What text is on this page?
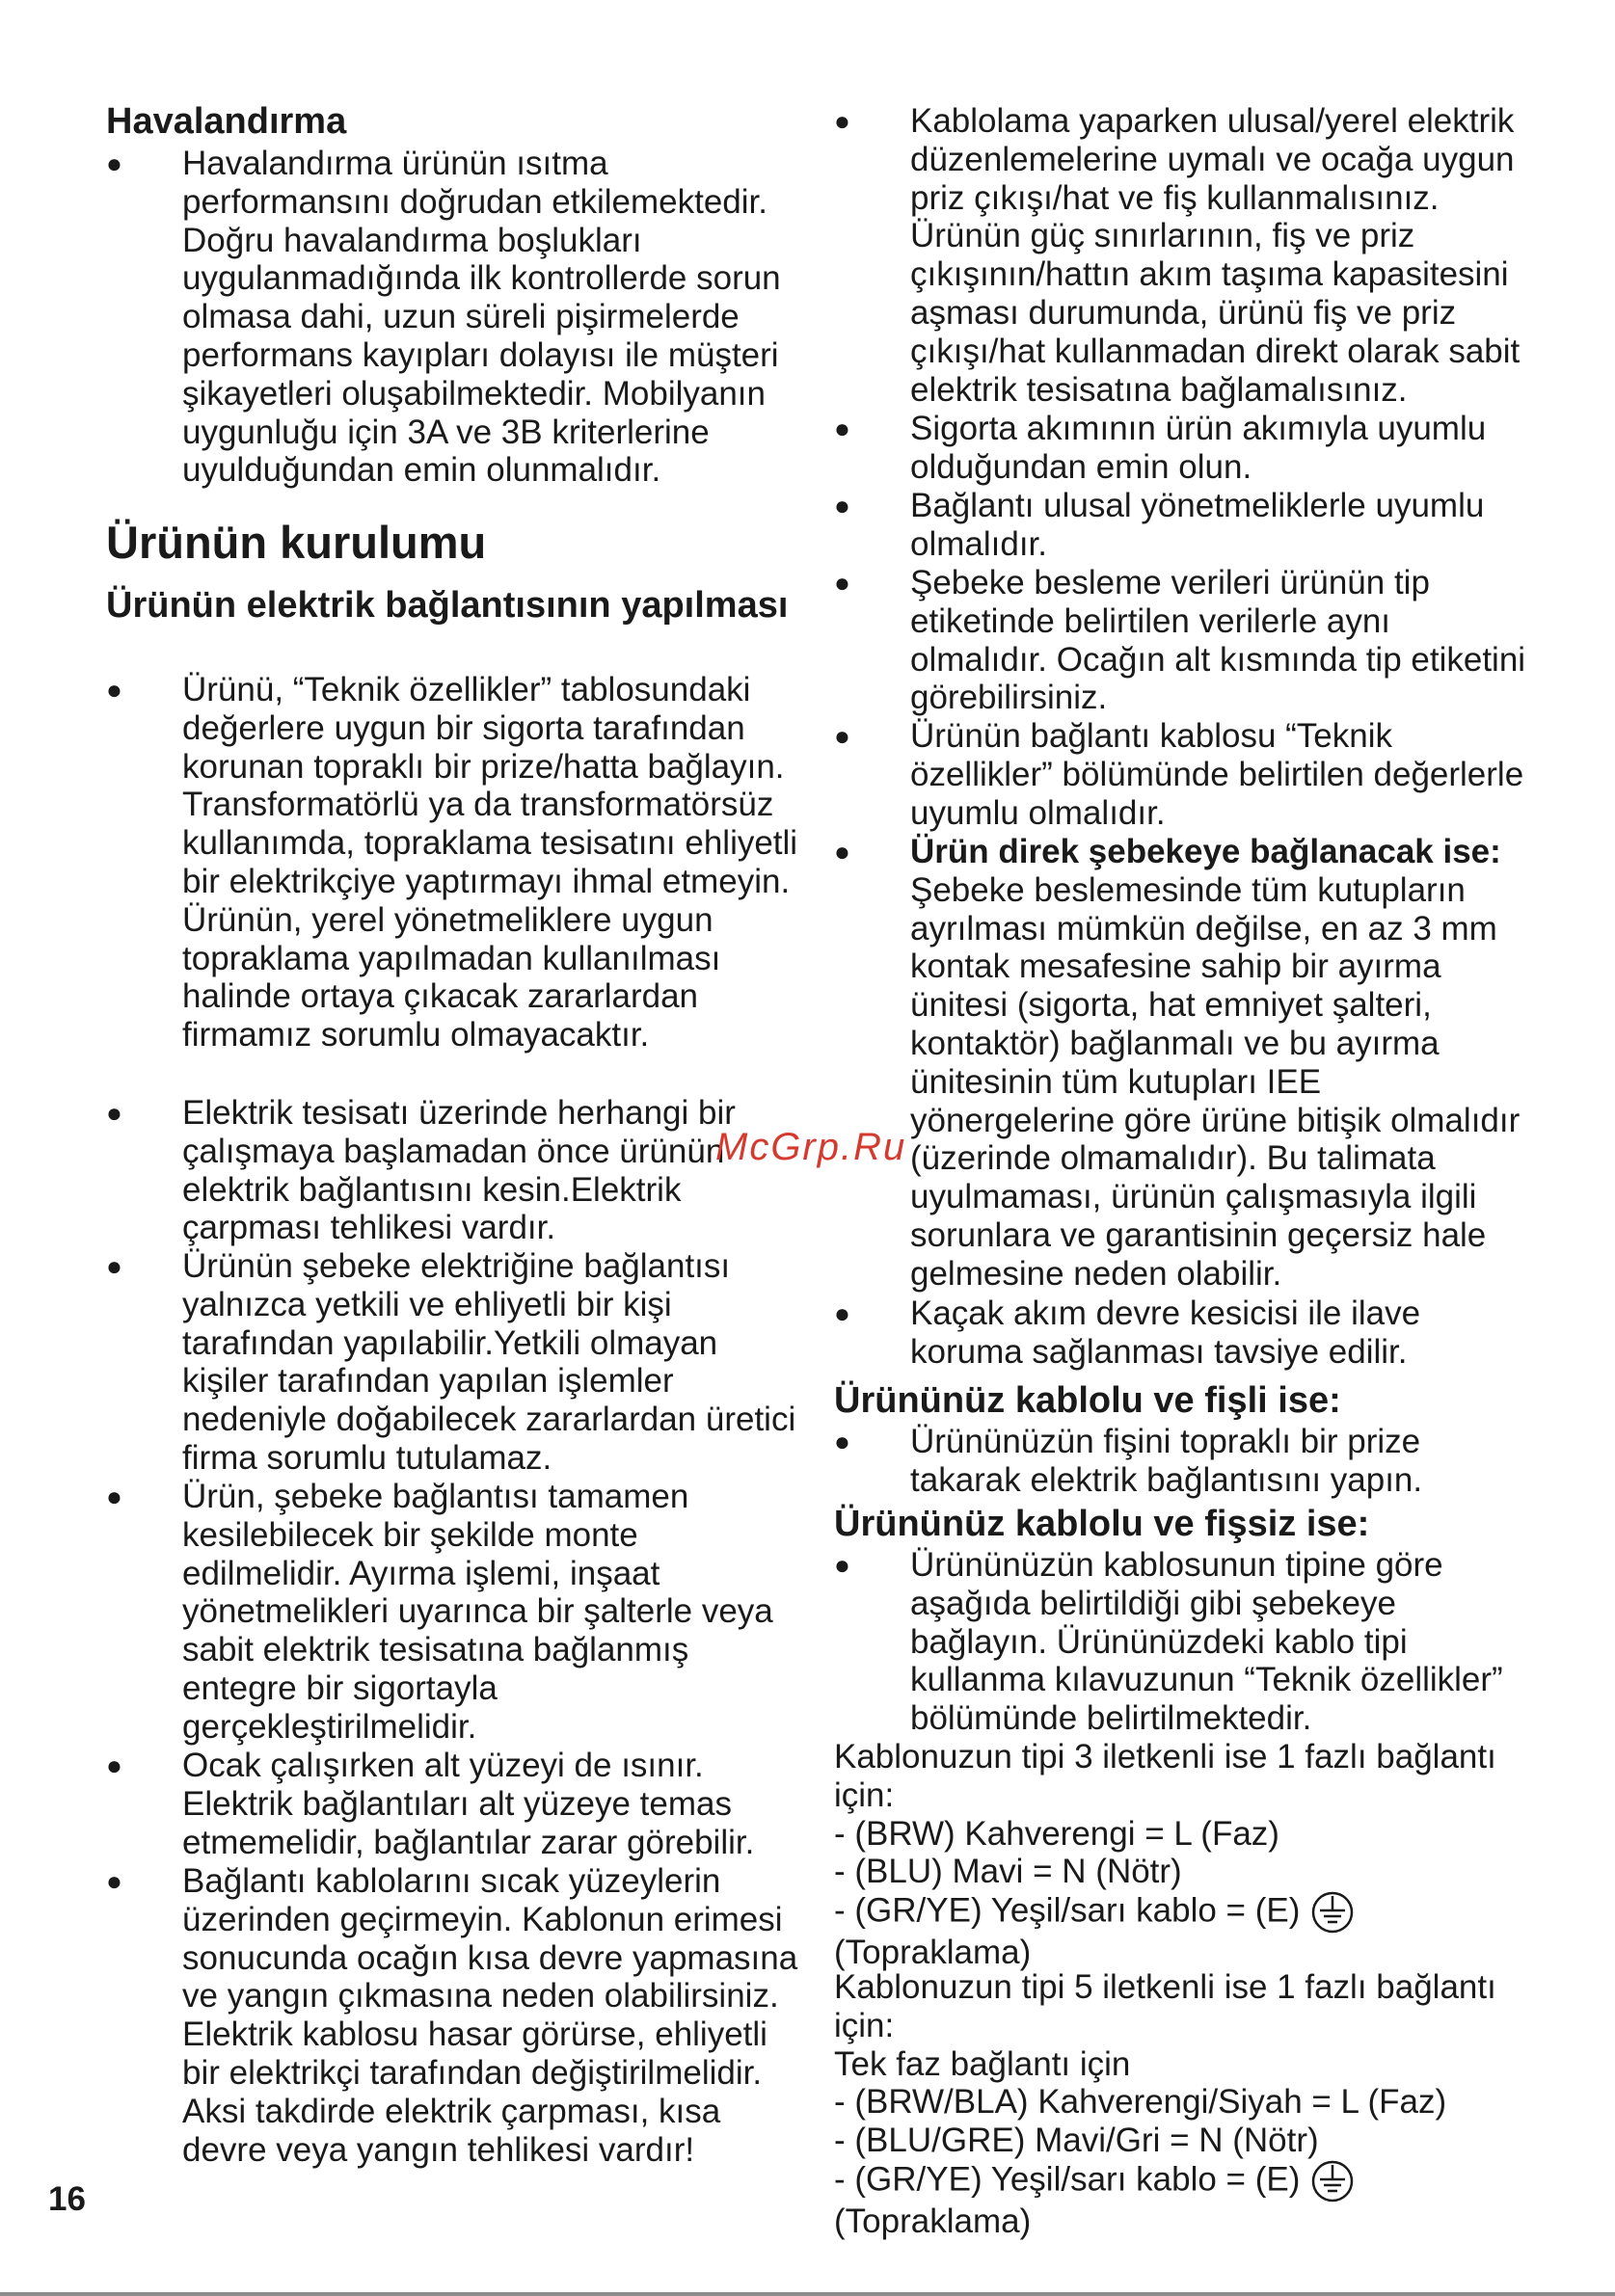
Havalandırma
●	Havalandırma ürünün ısıtma performansını doğrudan etkilemektedir. Doğru havalandırma boşlukları uygulanmadığında ilk kontrollerde sorun olmasa dahi, uzun süreli pişirmelerde performans kayıpları dolayısı ile müşteri şikayetleri oluşabilmektedir. Mobilyanın uygunluğu için 3A ve 3B kriterlerine uyulduğundan emin olunmalıdır.
Ürünün kurulumu
Ürünün elektrik bağlantısının yapılması
●	Ürünü, “Teknik özellikler” tablosundaki değerlere uygun bir sigorta tarafından korunan topraklı bir prize/hatta bağlayın. Transformatörlü ya da transformatörsüz kullanımda, topraklama tesisatını ehliyetli bir elektrikçiye yaptırmayı ihmal etmeyin. Ürünün, yerel yönetmeliklere uygun topraklama yapılmadan kullanılması halinde ortaya çıkacak zararlardan firmamız sorumlu olmayacaktır.
●	Elektrik tesisatı üzerinde herhangi bir çalışmaya başlamadan önce ürünün elektrik bağlantısını kesin.Elektrik çarpması tehlikesi vardır.
●	Ürünün şebeke elektriğine bağlantısı yalnızca yetkili ve ehliyetli bir kişi tarafından yapılabilir.Yetkili olmayan kişiler tarafından yapılan işlemler nedeniyle doğabilecek zararlardan üretici firma sorumlu tutulamaz.
●	Ürün, şebeke bağlantısı tamamen kesilebilecek bir şekilde monte edilmelidir. Ayırma işlemi, inşaat yönetmelikleri uyarınca bir şalterle veya sabit elektrik tesisatına bağlanmış entegre bir sigortayla gerçekleştirilmelidir.
●	Ocak çalışırken alt yüzeyi de ısınır. Elektrik bağlantıları alt yüzeye temas etmemelidir, bağlantılar zarar görebilir.
●	Bağlantı kablolarını sıcak yüzeylerin üzerinden geçirmeyin. Kablonun erimesi sonucunda ocağın kısa devre yapmasına ve yangın çıkmasına neden olabilirsiniz. Elektrik kablosu hasar görürse, ehliyetli bir elektrikçi tarafından değiştirilmelidir. Aksi takdirde elektrik çarpması, kısa devre veya yangın tehlikesi vardır!
●	Kablolama yaparken ulusal/yerel elektrik düzenlemelerine uymalı ve ocağa uygun priz çıkışı/hat ve fiş kullanmalısınız. Ürünün güç sınırlarının, fiş ve priz çıkışının/hattın akım taşıma kapasitesini aşması durumunda, ürünü fiş ve priz çıkışı/hat kullanmadan direkt olarak sabit elektrik tesisatına bağlamalısınız.
●	Sigorta akımının ürün akımıyla uyumlu olduğundan emin olun.
●	Bağlantı ulusal yönetmeliklerle uyumlu olmalıdır.
●	Şebeke besleme verileri ürünün tip etiketinde belirtilen verilerle aynı olmalıdır. Ocağın alt kısmında tip etiketini görebilirsiniz.
●	Ürünün bağlantı kablosu “Teknik özellikler” bölümünde belirtilen değerlerle uyumlu olmalıdır.
●	Ürün direk şebekeye bağlanacak ise:
Şebeke beslemesinde tüm kutupların ayrılması mümkün değilse, en az 3 mm kontak mesafesine sahip bir ayırma ünitesi (sigorta, hat emniyet şalteri, kontaktör) bağlanmalı ve bu ayırma ünitesinin tüm kutupları IEE yönergelerine göre ürüne bitişik olmalıdır (üzerinde olmamalıdır). Bu talimata uyulmaması, ürünün çalışmasıyla ilgili sorunlara ve garantisinin geçersiz hale gelmesine neden olabilir.
●	Kaçak akım devre kesicisi ile ilave koruma sağlanması tavsiye edilir.
Ürününüz kablolu ve fişli ise:
●	Ürününüzün fişini topraklı bir prize takarak elektrik bağlantısını yapın.
Ürününüz kablolu ve fişsiz ise:
●	Ürününüzün kablosunun tipine göre aşağıda belirtildiği gibi şebekeye bağlayın. Ürününüzdeki kablo tipi kullanma kılavuzunun “Teknik özellikler” bölümünde belirtilmektedir.
Kablonuzun tipi 3 iletkenli ise 1 fazlı bağlantı için:
- (BRW) Kahverengi = L (Faz)
- (BLU) Mavi = N (Nötr)
- (GR/YE) Yeşil/sarı kablo = (E)
(Topraklama)
Kablonuzun tipi 5 iletkenli ise 1 fazlı bağlantı için:
Tek faz bağlantı için
- (BRW/BLA) Kahverengi/Siyah = L (Faz)
- (BLU/GRE) Mavi/Gri = N (Nötr)
- (GR/YE) Yeşil/sarı kablo = (E)
(Topraklama)
McGrp.Ru
16
